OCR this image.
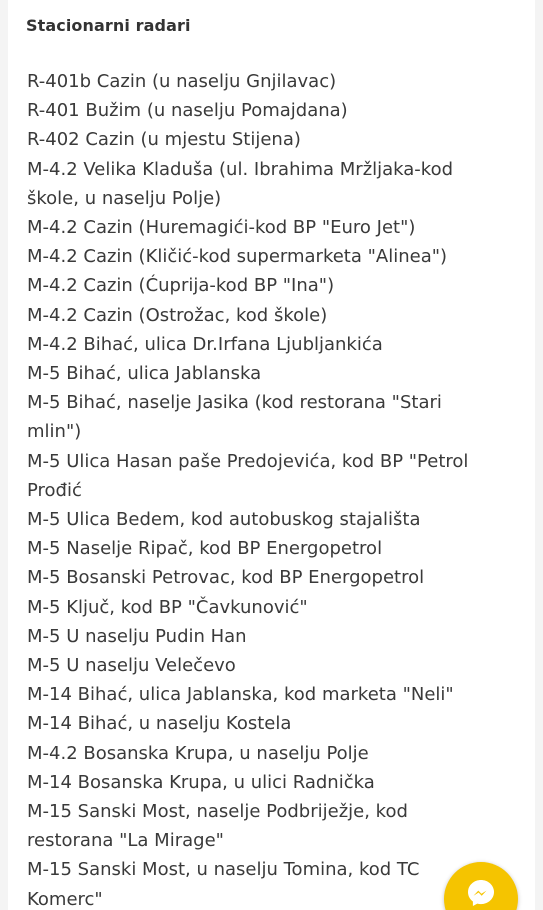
Stacionarni radari
R-401b Cazin (u naselju Gnjilavac)
R-401 Bužim (u naselju Pomajdana)
R-402 Cazin (u mjestu Stijena)
M-4.2 Velika Kladuša (ul. Ibrahima Mržljaka-kod
škole, u naselju Polje)
M-4.2 Cazin (Huremagići-kod BP "Euro Jet")
M-4.2 Cazin (Kličić-kod supermarketa "Alinea")
M-4.2 Cazin (Ćuprija-kod BP "Ina")
M-4.2 Cazin (Ostrožac, kod škole)
M-4.2 Bihać, ulica Dr.Irfana Ljubljankića
M-5 Bihać, ulica Jablanska
M-5 Bihać, naselje Jasika (kod restorana "Stari
mlin")
M-5 Ulica Hasan paše Predojevića, kod BP "Petrol
Prođić
M-5 Ulica Bedem, kod autobuskog stajališta
M-5 Naselje Ripač, kod BP Energopetrol
M-5 Bosanski Petrovac, kod BP Energopetrol
M-5 Ključ, kod BP "Čavkunović"
M-5 U naselju Pudin Han
M-5 U naselju Velečevo
M-14 Bihać, ulica Jablanska, kod marketa "Neli"
M-14 Bihać, u naselju Kostela
M-4.2 Bosanska Krupa, u naselju Polje
M-14 Bosanska Krupa, u ulici Radnička
M-15 Sanski Most, naselje Podbriježje, kod
restorana "La Mirage"
M-15 Sanski Most, u naselju Tomina, kod TC
Komerc"
